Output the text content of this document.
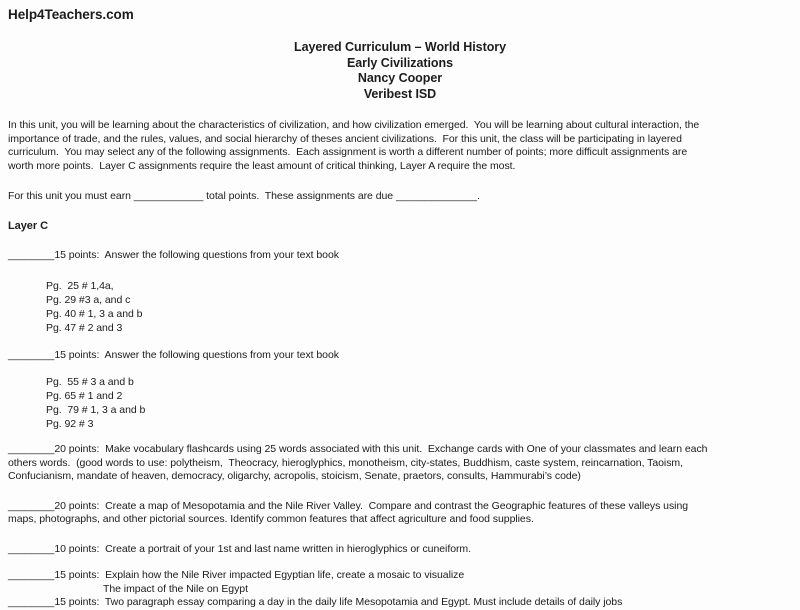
Help4Teachers.com
Layered Curriculum – World History
Early Civilizations
Nancy Cooper
Veribest ISD
In this unit, you will be learning about the characteristics of civilization, and how civilization emerged.  You will be learning about cultural interaction, the
importance of trade, and the rules, values, and social hierarchy of theses ancient civilizations.  For this unit, the class will be participating in layered
curriculum.  You may select any of the following assignments.  Each assignment is worth a different number of points; more difficult assignments are
worth more points.  Layer C assignments require the least amount of critical thinking, Layer A require the most.
For this unit you must earn ____________ total points.  These assignments are due ______________.
Layer C
________15 points:  Answer the following questions from your text book
Pg.  25 # 1,4a,
Pg. 29 #3 a, and c
Pg. 40 # 1, 3 a and b
Pg. 47 # 2 and 3
________15 points:  Answer the following questions from your text book
Pg.  55 # 3 a and b
Pg. 65 # 1 and 2
Pg.  79 # 1, 3 a and b
Pg. 92 # 3
________20 points:  Make vocabulary flashcards using 25 words associated with this unit.  Exchange cards with One of your classmates and learn each
others words.  (good words to use: polytheism,  Theocracy, hieroglyphics, monotheism, city-states, Buddhism, caste system, reincarnation, Taoism,
Confucianism, mandate of heaven, democracy, oligarchy, acropolis, stoicism, Senate, praetors, consults, Hammurabi’s code)
________20 points:  Create a map of Mesopotamia and the Nile River Valley.  Compare and contrast the Geographic features of these valleys using
maps, photographs, and other pictorial sources. Identify common features that affect agriculture and food supplies.
________10 points:  Create a portrait of your 1st and last name written in hieroglyphics or cuneiform.
________15 points:  Explain how the Nile River impacted Egyptian life, create a mosaic to visualize
The impact of the Nile on Egypt
________15 points:  Two paragraph essay comparing a day in the daily life Mesopotamia and Egypt. Must include details of daily jobs
